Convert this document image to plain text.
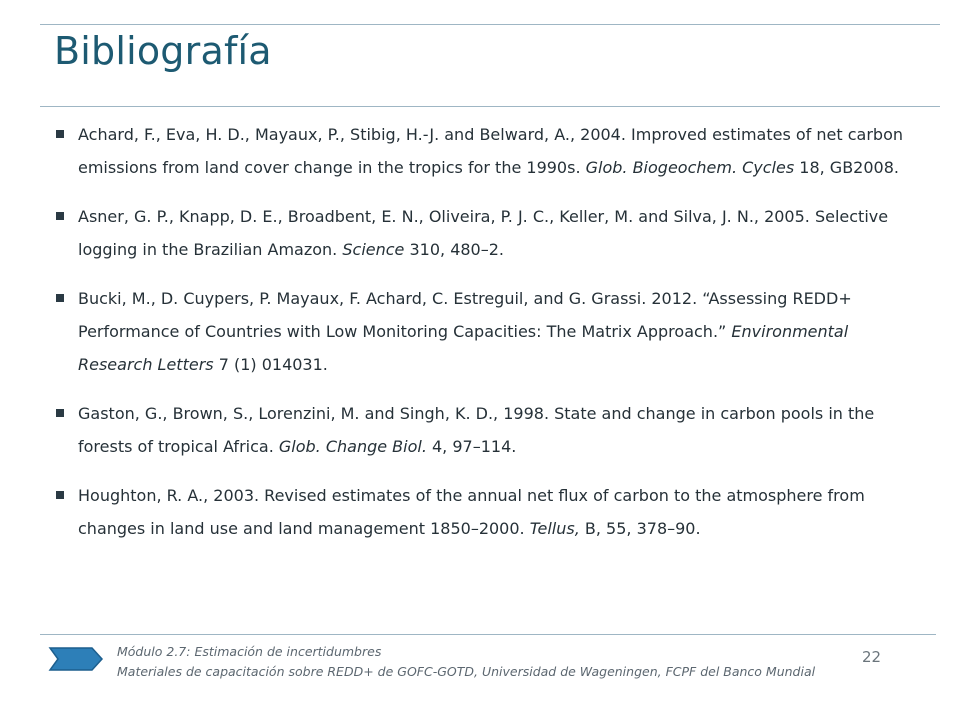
Bibliografía
Achard, F., Eva, H. D., Mayaux, P., Stibig, H.-J. and Belward, A., 2004. Improved estimates of net carbon emissions from land cover change in the tropics for the 1990s. Glob. Biogeochem. Cycles 18, GB2008.
Asner, G. P., Knapp, D. E., Broadbent, E. N., Oliveira, P. J. C., Keller, M. and Silva, J. N., 2005. Selective logging in the Brazilian Amazon. Science 310, 480–2.
Bucki, M., D. Cuypers, P. Mayaux, F. Achard, C. Estreguil, and G. Grassi. 2012. “Assessing REDD+ Performance of Countries with Low Monitoring Capacities: The Matrix Approach.” Environmental Research Letters 7 (1) 014031.
Gaston, G., Brown, S., Lorenzini, M. and Singh, K. D., 1998. State and change in carbon pools in the forests of tropical Africa. Glob. Change Biol. 4, 97–114.
Houghton, R. A., 2003. Revised estimates of the annual net flux of carbon to the atmosphere from changes in land use and land management 1850–2000. Tellus, B, 55, 378–90.
Módulo 2.7: Estimación de incertidumbres
Materiales de capacitación sobre REDD+ de GOFC-GOTD, Universidad de Wageningen, FCPF del Banco Mundial
22
